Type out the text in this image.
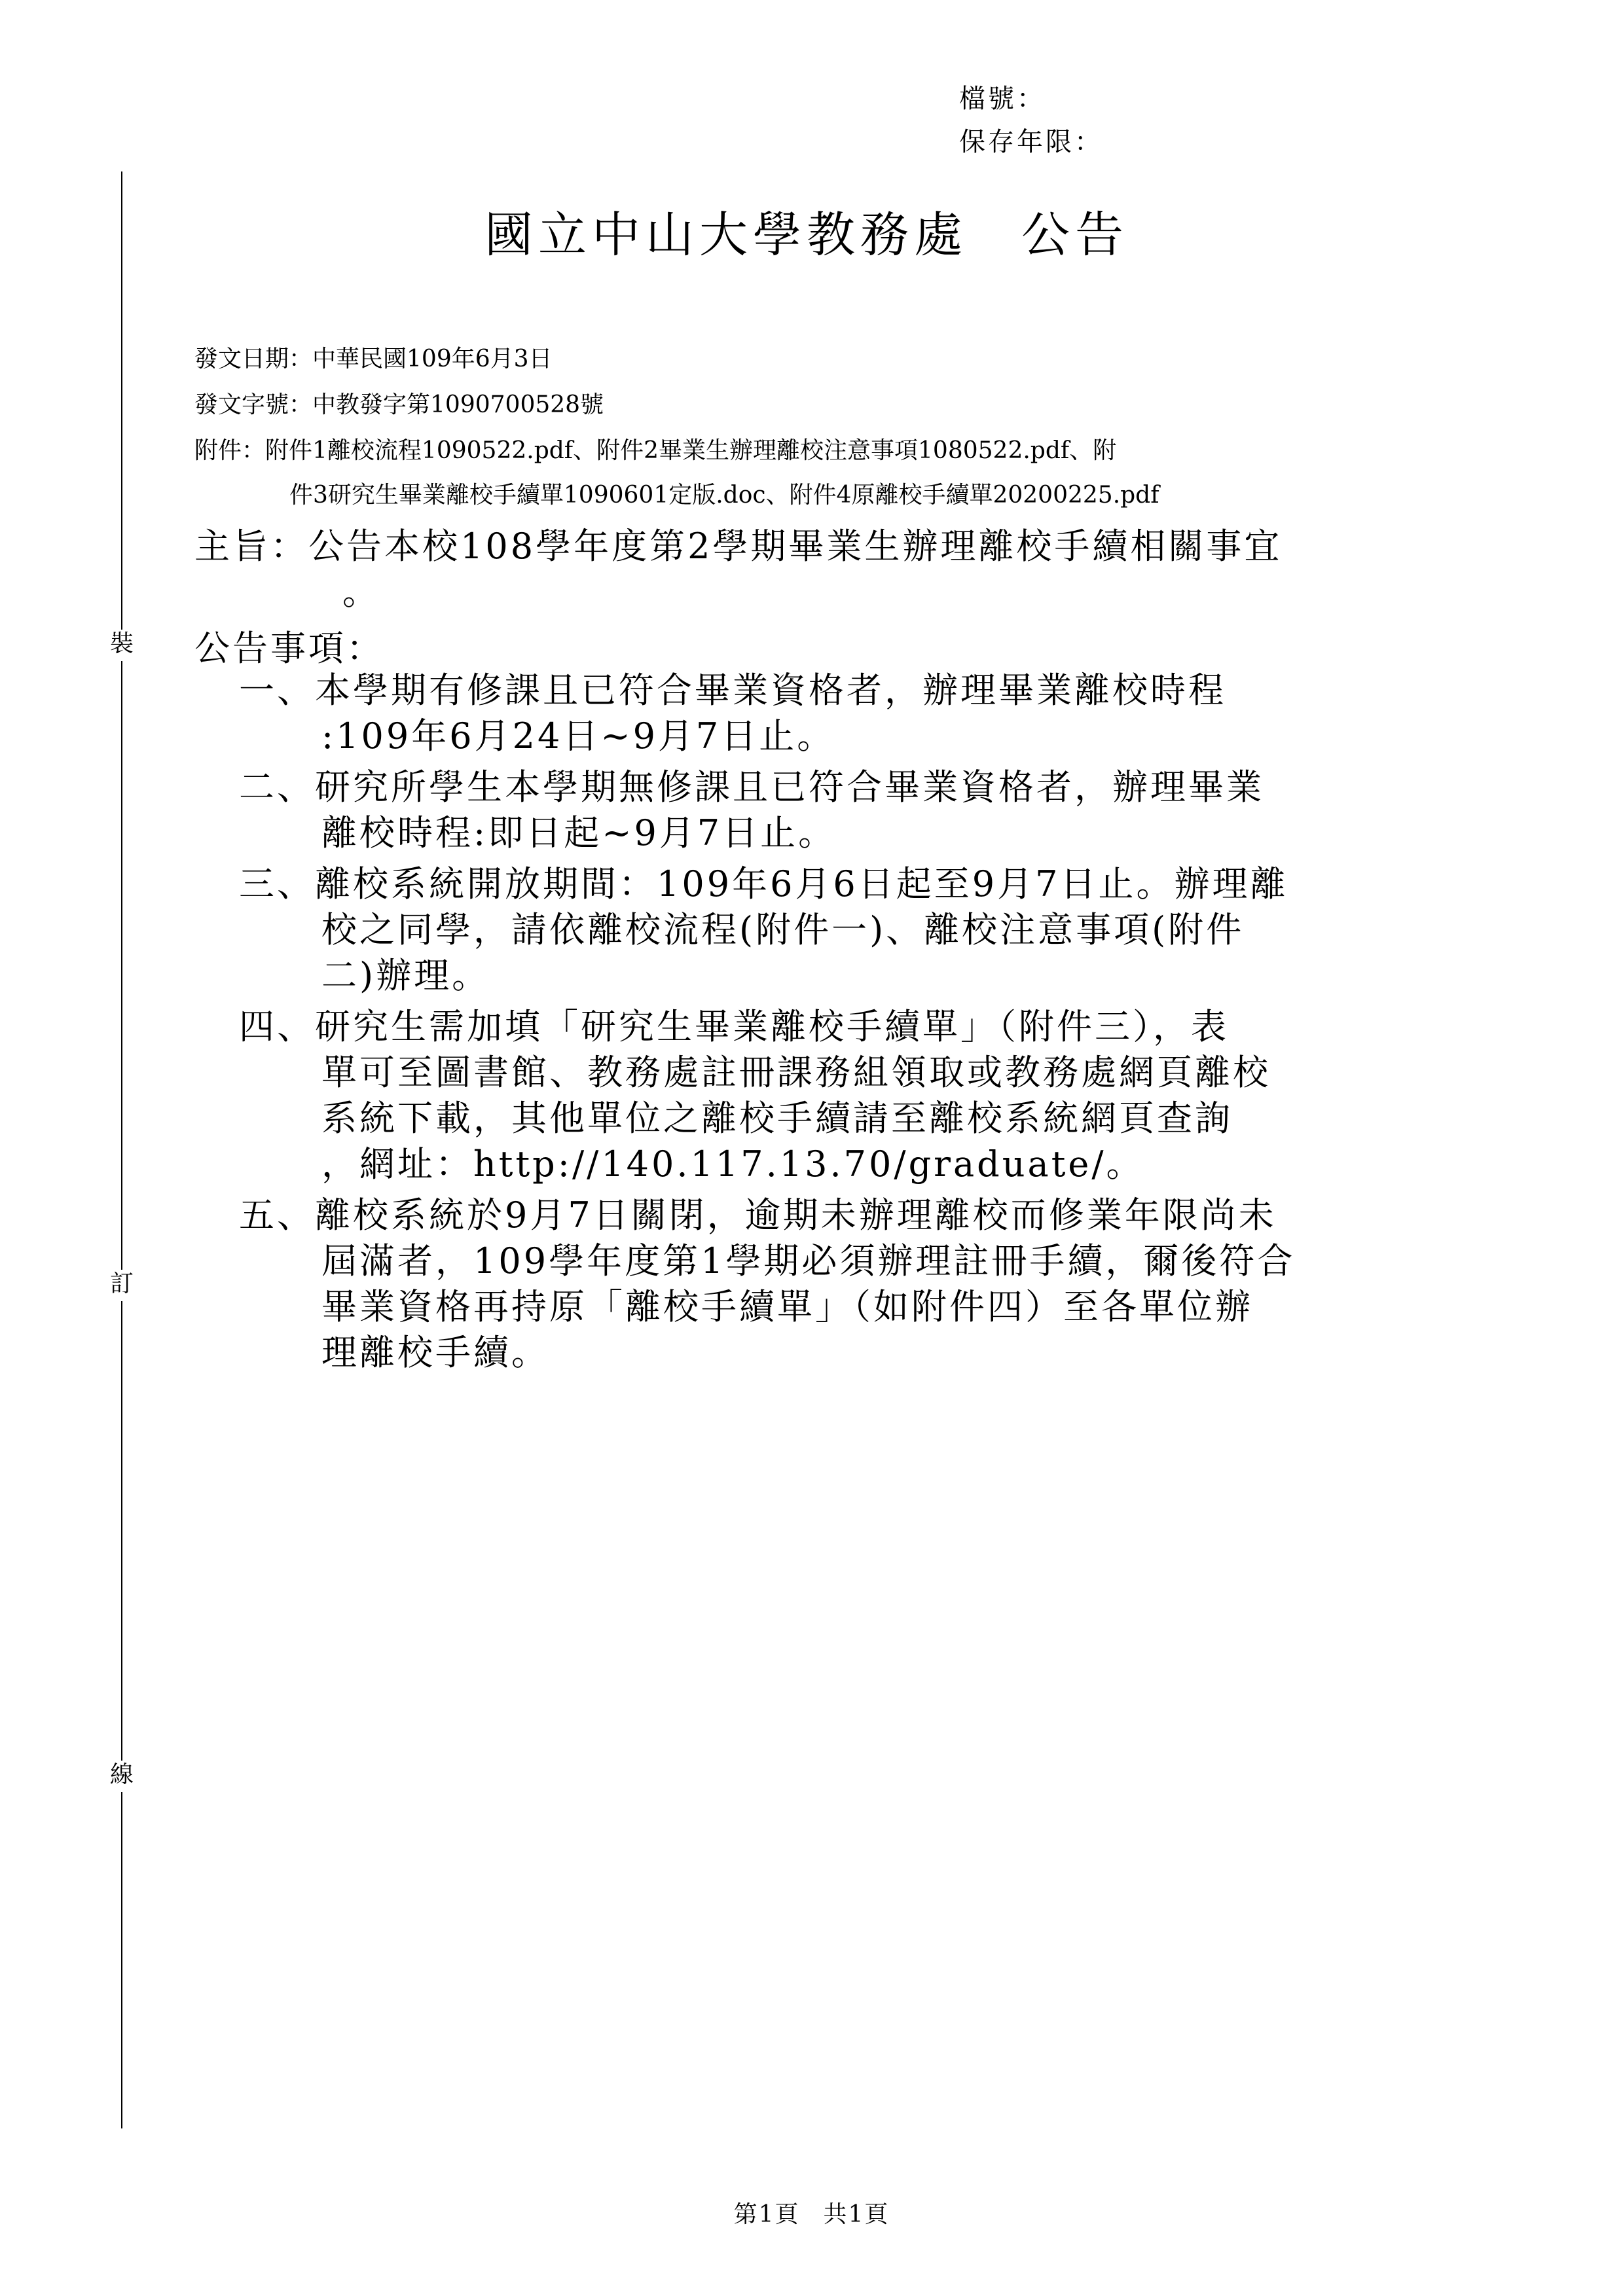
檔號：
保存年限：
裝
訂
線
國立中山大學教務處　公告
發文日期：中華民國109年6月3日
發文字號：中教發字第1090700528號
附件：附件1離校流程1090522.pdf、附件2畢業生辦理離校注意事項1080522.pdf、附
件3研究生畢業離校手續單1090601定版.doc、附件4原離校手續單20200225.pdf
主旨：公告本校108學年度第2學期畢業生辦理離校手續相關事宜
。
公告事項：
一、本學期有修課且已符合畢業資格者，辦理畢業離校時程
:109年6月24日~9月7日止。
二、研究所學生本學期無修課且已符合畢業資格者，辦理畢業
離校時程:即日起~9月7日止。
三、離校系統開放期間：109年6月6日起至9月7日止。辦理離
校之同學，請依離校流程(附件一)、離校注意事項(附件
二)辦理。
四、研究生需加填「研究生畢業離校手續單」（附件三），表
單可至圖書館、教務處註冊課務組領取或教務處網頁離校
系統下載，其他單位之離校手續請至離校系統網頁查詢
，網址：http://140.117.13.70/graduate/。
五、離校系統於9月7日關閉，逾期未辦理離校而修業年限尚未
屆滿者，109學年度第1學期必須辦理註冊手續，爾後符合
畢業資格再持原「離校手續單」（如附件四）至各單位辦
理離校手續。
第1頁 共1頁
